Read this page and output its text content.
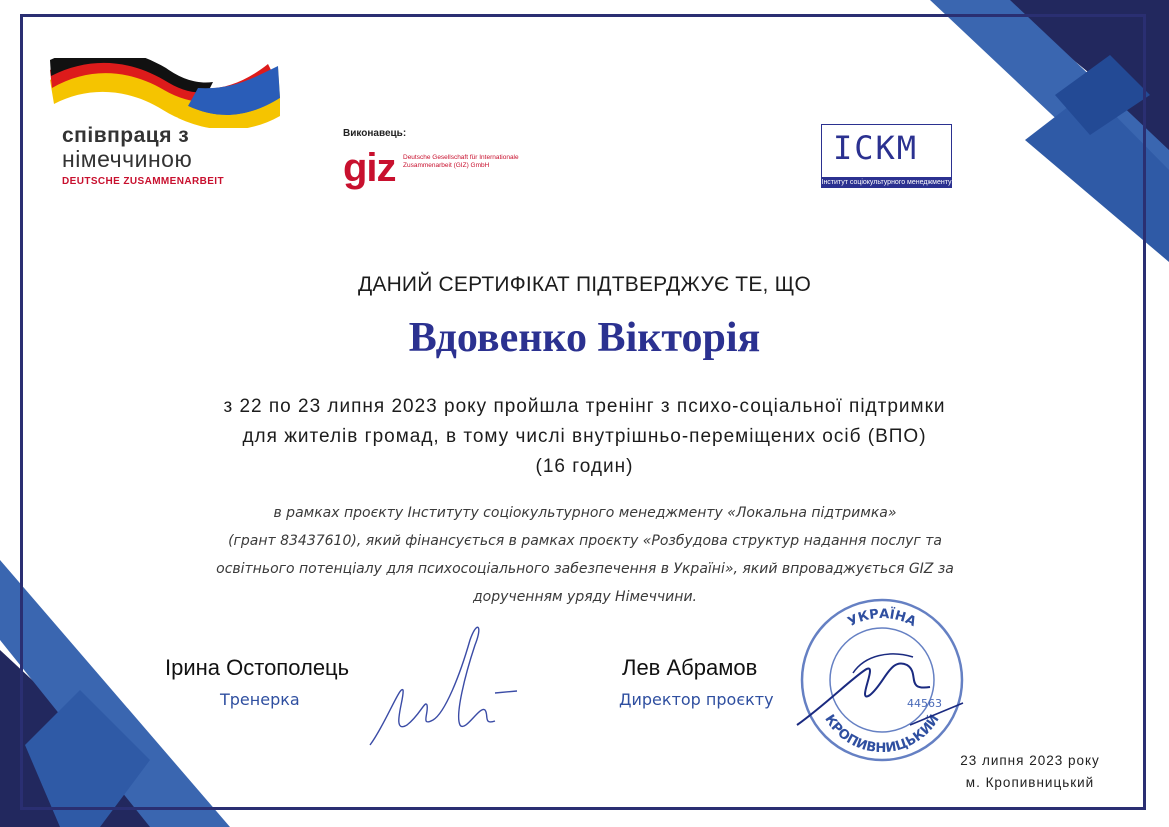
співпраця з
німеччиною
DEUTSCHE ZUSAMMENARBEIT
Виконавець:
giz Deutsche Gesellschaft für Internationale Zusammenarbeit (GIZ) GmbH	ІСКМ
Інститут соціокультурного менеджменту
ДАНИЙ СЕРТИФІКАТ ПІДТВЕРДЖУЄ ТЕ, ЩО
Вдовенко Вікторія
з 22 по 23 липня 2023 року пройшла тренінг з психо-соціальної підтримки
для жителів громад, в тому числі внутрішньо-переміщених осіб (ВПО)
(16 годин)
в рамках проєкту Інституту соціокультурного менеджменту «Локальна підтримка»
(грант 83437610), який фінансується в рамках проєкту «Розбудова структур надання послуг та
освітнього потенціалу для психосоціального забезпечення в Україні», який впроваджується GIZ за
дорученням уряду Німеччини.
УКРАЇНА
КРОПИВНИЦЬКИЙ
44563
Ірина Остополець
Тренерка
Лев Абрамов
Директор проєкту
23 липня 2023 року
м. Кропивницький
